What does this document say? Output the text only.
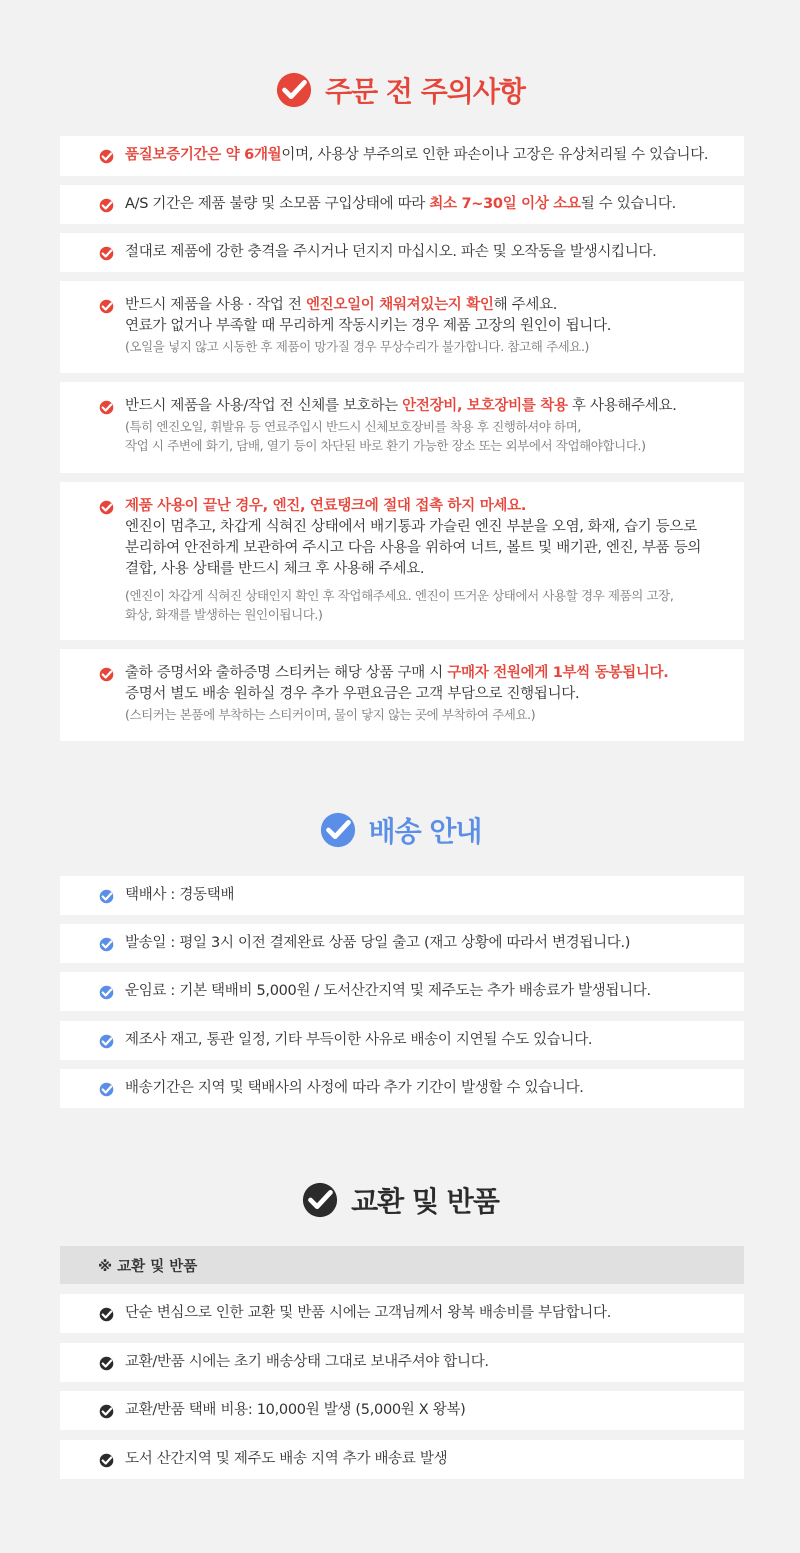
주문 전 주의사항
품질보증기간은 약 6개월이며, 사용상 부주의로 인한 파손이나 고장은 유상처리될 수 있습니다.
A/S 기간은 제품 불량 및 소모품 구입상태에 따라 최소 7~30일 이상 소요될 수 있습니다.
절대로 제품에 강한 충격을 주시거나 던지지 마십시오. 파손 및 오작동을 발생시킵니다.
반드시 제품을 사용 · 작업 전 엔진오일이 채워져있는지 확인해 주세요.
연료가 없거나 부족할 때 무리하게 작동시키는 경우 제품 고장의 원인이 됩니다.
(오일을 넣지 않고 시동한 후 제품이 망가질 경우 무상수리가 불가합니다. 참고해 주세요.)
반드시 제품을 사용/작업 전 신체를 보호하는 안전장비, 보호장비를 착용 후 사용해주세요.
(특히 엔진오일, 휘발유 등 연료주입시 반드시 신체보호장비를 착용 후 진행하셔야 하며,
작업 시 주변에 화기, 담배, 열기 등이 차단된 바로 환기 가능한 장소 또는 외부에서 작업해야합니다.)
제품 사용이 끝난 경우, 엔진, 연료탱크에 절대 접촉 하지 마세요.
엔진이 멈추고, 차갑게 식혀진 상태에서 배기통과 가슬린 엔진 부분을 오염, 화재, 습기 등으로
분리하여 안전하게 보관하여 주시고 다음 사용을 위하여 너트, 볼트 및 배기관, 엔진, 부품 등의
결합, 사용 상태를 반드시 체크 후 사용해 주세요.
(엔진이 차갑게 식혀진 상태인지 확인 후 작업해주세요. 엔진이 뜨거운 상태에서 사용할 경우 제품의 고장,
화상, 화재를 발생하는 원인이됩니다.)
출하 증명서와 출하증명 스티커는 해당 상품 구매 시 구매자 전원에게 1부씩 동봉됩니다.
증명서 별도 배송 원하실 경우 추가 우편요금은 고객 부담으로 진행됩니다.
(스티커는 본품에 부착하는 스티커이며, 물이 닿지 않는 곳에 부착하여 주세요.)
배송 안내
택배사 : 경동택배
발송일 : 평일 3시 이전 결제완료 상품 당일 출고 (재고 상황에 따라서 변경됩니다.)
운임료 : 기본 택배비 5,000원 / 도서산간지역 및 제주도는 추가 배송료가 발생됩니다.
제조사 재고, 통관 일정, 기타 부득이한 사유로 배송이 지연될 수도 있습니다.
배송기간은 지역 및 택배사의 사정에 따라 추가 기간이 발생할 수 있습니다.
교환 및 반품
※ 교환 및 반품
단순 변심으로 인한 교환 및 반품 시에는 고객님께서 왕복 배송비를 부담합니다.
교환/반품 시에는 초기 배송상태 그대로 보내주셔야 합니다.
교환/반품 택배 비용: 10,000원 발생 (5,000원 X 왕복)
도서 산간지역 및 제주도 배송 지역 추가 배송료 발생
